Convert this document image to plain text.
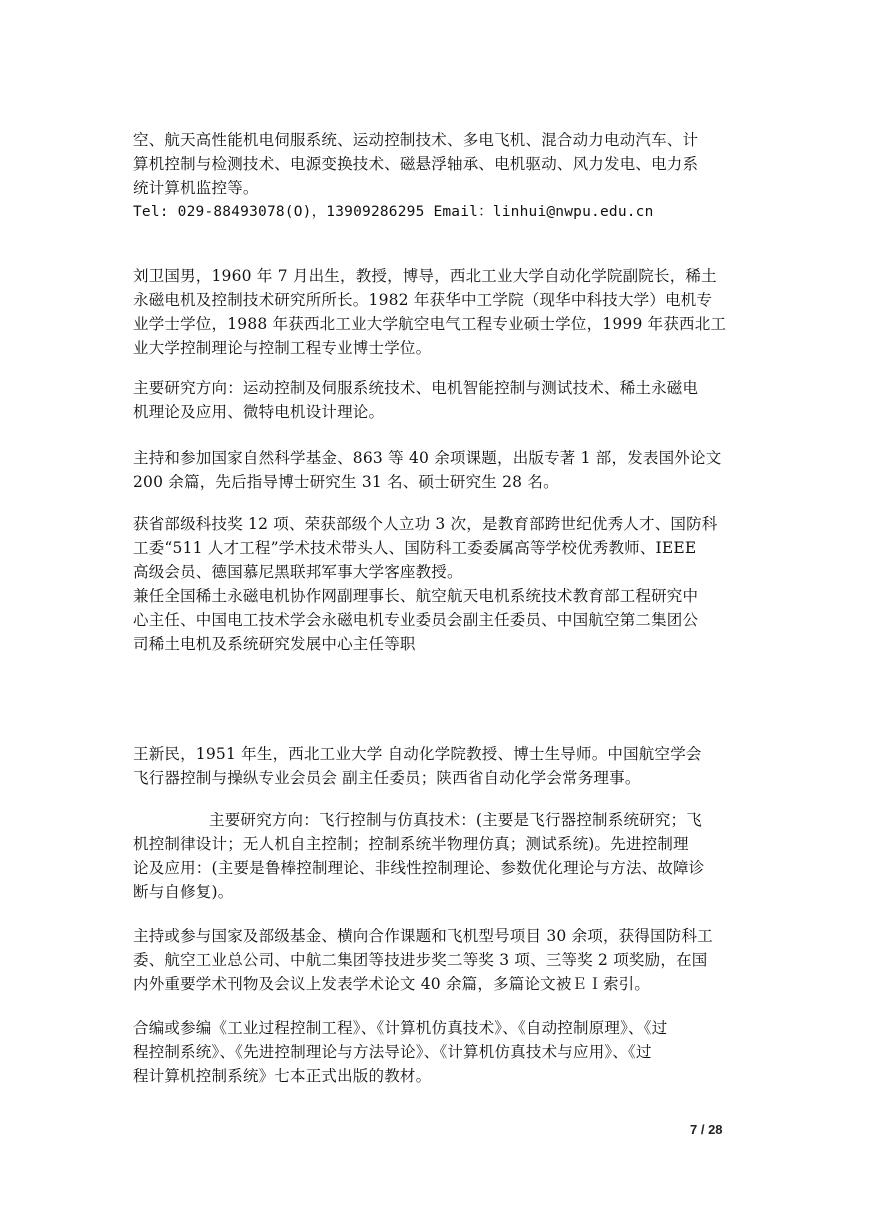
空、航天高性能机电伺服系统、运动控制技术、多电飞机、混合动力电动汽车、计
算机控制与检测技术、电源变换技术、磁悬浮轴承、电机驱动、风力发电、电力系
统计算机监控等。
Tel: 029-88493078(O)，13909286295 Email：linhui@nwpu.edu.cn
刘卫国男，1960 年 7 月出生，教授，博导，西北工业大学自动化学院副院长，稀土
永磁电机及控制技术研究所所长。1982 年获华中工学院（现华中科技大学）电机专
业学士学位，1988 年获西北工业大学航空电气工程专业硕士学位，1999 年获西北工
业大学控制理论与控制工程专业博士学位。
主要研究方向：运动控制及伺服系统技术、电机智能控制与测试技术、稀土永磁电
机理论及应用、微特电机设计理论。
主持和参加国家自然科学基金、863 等 40 余项课题，出版专著 1 部，发表国外论文
200 余篇，先后指导博士研究生 31 名、硕士研究生 28 名。
获省部级科技奖 12 项、荣获部级个人立功 3 次，是教育部跨世纪优秀人才、国防科
工委“511 人才工程”学术技术带头人、国防科工委委属高等学校优秀教师、IEEE
高级会员、德国慕尼黑联邦军事大学客座教授。
兼任全国稀土永磁电机协作网副理事长、航空航天电机系统技术教育部工程研究中
心主任、中国电工技术学会永磁电机专业委员会副主任委员、中国航空第二集团公
司稀土电机及系统研究发展中心主任等职
王新民，1951 年生，西北工业大学 自动化学院教授、博士生导师。中国航空学会
飞行器控制与操纵专业会员会 副主任委员；陕西省自动化学会常务理事。
主要研究方向：飞行控制与仿真技术：(主要是飞行器控制系统研究；飞
机控制律设计；无人机自主控制；控制系统半物理仿真；测试系统)。先进控制理
论及应用：(主要是鲁棒控制理论、非线性控制理论、参数优化理论与方法、故障诊
断与自修复)。
主持或参与国家及部级基金、横向合作课题和飞机型号项目 30 余项，获得国防科工
委、航空工业总公司、中航二集团等技进步奖二等奖 3 项、三等奖 2 项奖励，在国
内外重要学术刊物及会议上发表学术论文 40 余篇，多篇论文被ＥＩ索引。
合编或参编《工业过程控制工程》、《计算机仿真技术》、《自动控制原理》、《过
程控制系统》、《先进控制理论与方法导论》、《计算机仿真技术与应用》、《过
程计算机控制系统》七本正式出版的教材。
7 / 28
